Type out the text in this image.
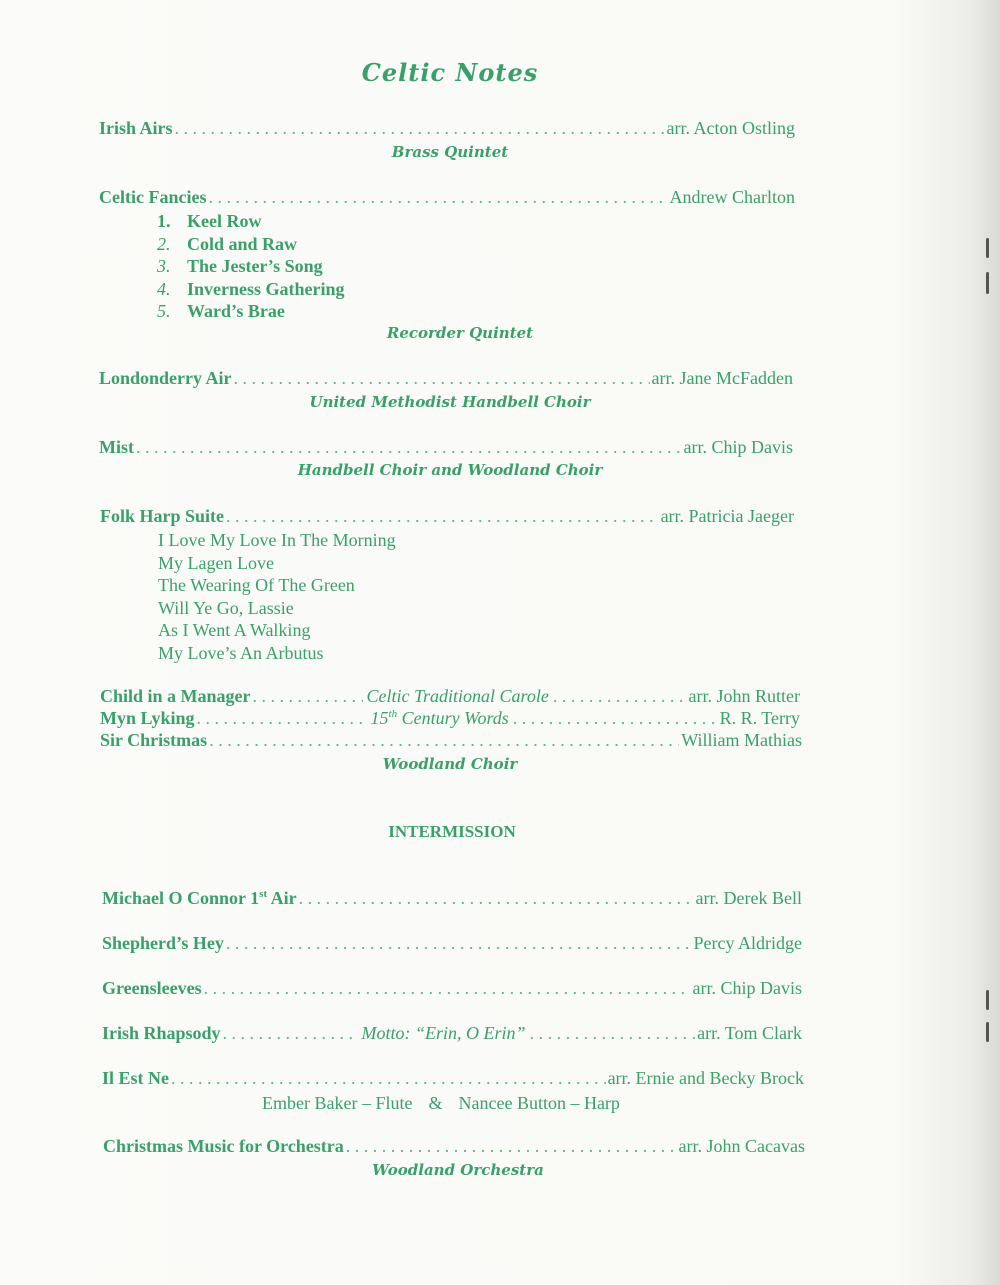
Celtic Notes
Irish Airs . . .	arr. Acton Ostling
Brass Quintet
Celtic Fancies . . .	Andrew Charlton
1. Keel Row
2. Cold and Raw
3. The Jester’s Song
4. Inverness Gathering
5. Ward’s Brae
Recorder Quintet
Londonderry Air . . .	arr. Jane McFadden
United Methodist Handbell Choir
Mist . . .	arr. Chip Davis
Handbell Choir and Woodland Choir
Folk Harp Suite . . .	arr. Patricia Jaeger
I Love My Love In The Morning
My Lagen Love
The Wearing Of The Green
Will Ye Go, Lassie
As I Went A Walking
My Love’s An Arbutus
Child in a Manager . . .	Celtic Traditional Carole . . .	arr. John Rutter
Myn Lyking . . .	15th Century Words . . .	R. R. Terry
Sir Christmas . . .	William Mathias
Woodland Choir
INTERMISSION
Michael O Connor 1st Air . . .	arr. Derek Bell
Shepherd’s Hey . . .	Percy Aldridge
Greensleeves . . .	arr. Chip Davis
Irish Rhapsody . . .	Motto: “Erin, O Erin” . . .	arr. Tom Clark
Il Est Ne . . .	arr. Ernie and Becky Brock
Ember Baker – Flute & Nancee Button – Harp
Christmas Music for Orchestra . . .	arr. John Cacavas
Woodland Orchestra
